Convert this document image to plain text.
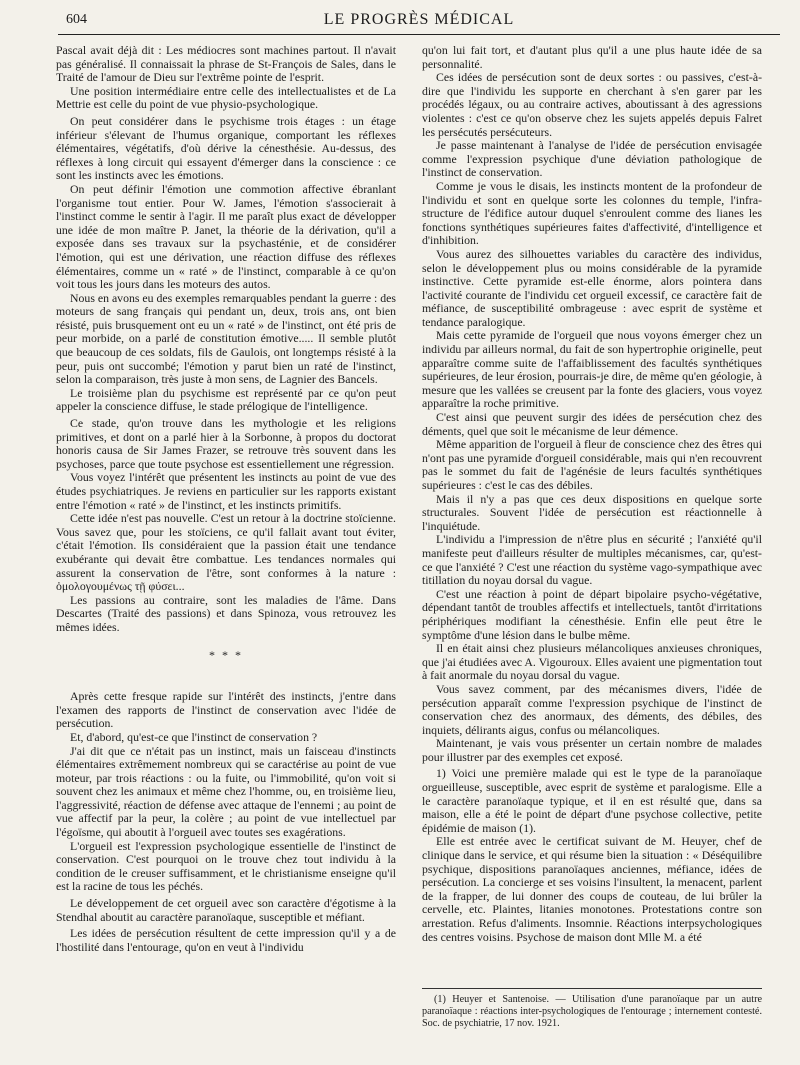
604	LE PROGRÈS MÉDICAL

Pascal avait déjà dit : Les médiocres sont machines partout. Il n'avait pas généralisé. Il connaissait la phrase de St-François de Sales, dans le Traité de l'amour de Dieu sur l'extrême pointe de l'esprit.

Une position intermédiaire entre celle des intellectualistes et de La Mettrie est celle du point de vue physio-psychologique.

On peut considérer dans le psychisme trois étages : un étage inférieur s'élevant de l'humus organique, comportant les réflexes élémentaires, végétatifs, d'où dérive la cénesthésie. Au-dessus, des réflexes à long circuit qui essayent d'émerger dans la conscience : ce sont les instincts avec les émotions.

On peut définir l'émotion une commotion affective ébranlant l'organisme tout entier. Pour W. James, l'émotion s'associerait à l'instinct comme le sentir à l'agir. Il me paraît plus exact de développer une idée de mon maître P. Janet, la théorie de la dérivation, qu'il a exposée dans ses travaux sur la psychasténie, et de considérer l'émotion, qui est une dérivation, une réaction diffuse des réflexes élémentaires, comme un « raté » de l'instinct, comparable à ce qu'on voit tous les jours dans les moteurs des autos.

Nous en avons eu des exemples remarquables pendant la guerre : des moteurs de sang français qui pendant un, deux, trois ans, ont bien résisté, puis brusquement ont eu un « raté » de l'instinct, ont été pris de peur morbide, on a parlé de constitution émotive..... Il semble plutôt que beaucoup de ces soldats, fils de Gaulois, ont longtemps résisté à la peur, puis ont succombé; l'émotion y parut bien un raté de l'instinct, selon la comparaison, très juste à mon sens, de Lagnier des Bancels.

Le troisième plan du psychisme est représenté par ce qu'on peut appeler la conscience diffuse, le stade prélogique de l'intelligence.

Ce stade, qu'on trouve dans les mythologie et les religions primitives, et dont on a parlé hier à la Sorbonne, à propos du doctorat honoris causa de Sir James Frazer, se retrouve très souvent dans les psychoses, parce que toute psychose est essentiellement une régression.

Vous voyez l'intérêt que présentent les instincts au point de vue des études psychiatriques. Je reviens en particulier sur les rapports existant entre l'émotion « raté » de l'instinct, et les instincts primitifs.

Cette idée n'est pas nouvelle. C'est un retour à la doctrine stoïcienne. Vous savez que, pour les stoïciens, ce qu'il fallait avant tout éviter, c'était l'émotion. Ils considéraient que la passion était une tendance exubérante qui devait être combattue. Les tendances normales qui assurent la conservation de l'être, sont conformes à la nature : ὁμολογουμένως τῇ φύσει...

Les passions au contraire, sont les maladies de l'âme. Dans Descartes (Traité des passions) et dans Spinoza, vous retrouvez les mêmes idées.

* * *

Après cette fresque rapide sur l'intérêt des instincts, j'entre dans l'examen des rapports de l'instinct de conservation avec l'idée de persécution.

Et, d'abord, qu'est-ce que l'instinct de conservation ?

J'ai dit que ce n'était pas un instinct, mais un faisceau d'instincts élémentaires extrêmement nombreux qui se caractérise au point de vue moteur, par trois réactions : ou la fuite, ou l'immobilité, qu'on voit si souvent chez les animaux et même chez l'homme, ou, en troisième lieu, l'aggressivité, réaction de défense avec attaque de l'ennemi ; au point de vue affectif par la peur, la colère ; au point de vue intellectuel par l'égoïsme, qui aboutit à l'orgueil avec toutes ses exagérations.

L'orgueil est l'expression psychologique essentielle de l'instinct de conservation. C'est pourquoi on le trouve chez tout individu à la condition de le creuser suffisamment, et le christianisme enseigne qu'il est la racine de tous les péchés.

Le développement de cet orgueil avec son caractère d'égotisme à la Stendhal aboutit au caractère paranoïaque, susceptible et méfiant.

Les idées de persécution résultent de cette impression qu'il y a de l'hostilité dans l'entourage, qu'on en veut à l'individu

qu'on lui fait tort, et d'autant plus qu'il a une plus haute idée de sa personnalité.

Ces idées de persécution sont de deux sortes : ou passives, c'est-à-dire que l'individu les supporte en cherchant à s'en garer par les procédés légaux, ou au contraire actives, aboutissant à des agressions violentes : c'est ce qu'on observe chez les sujets appelés depuis Falret les persécutés persécuteurs.

Je passe maintenant à l'analyse de l'idée de persécution envisagée comme l'expression psychique d'une déviation pathologique de l'instinct de conservation.

Comme je vous le disais, les instincts montent de la profondeur de l'individu et sont en quelque sorte les colonnes du temple, l'infra-structure de l'édifice autour duquel s'enroulent comme des lianes les fonctions synthétiques supérieures faites d'affectivité, d'intelligence et d'inhibition.

Vous aurez des silhouettes variables du caractère des individus, selon le développement plus ou moins considérable de la pyramide instinctive. Cette pyramide est-elle énorme, alors pointera dans l'activité courante de l'individu cet orgueil excessif, ce caractère fait de méfiance, de susceptibilité ombrageuse : avec esprit de système et tendance paralogique.

Mais cette pyramide de l'orgueil que nous voyons émerger chez un individu par ailleurs normal, du fait de son hypertrophie originelle, peut apparaître comme suite de l'affaiblissement des facultés synthétiques supérieures, de leur érosion, pourrais-je dire, de même qu'en géologie, à mesure que les vallées se creusent par la fonte des glaciers, vous voyez apparaître la roche primitive.

C'est ainsi que peuvent surgir des idées de persécution chez des déments, quel que soit le mécanisme de leur démence.

Même apparition de l'orgueil à fleur de conscience chez des êtres qui n'ont pas une pyramide d'orgueil considérable, mais qui n'en recouvrent pas le sommet du fait de l'agénésie de leurs facultés synthétiques supérieures : c'est le cas des débiles.

Mais il n'y a pas que ces deux dispositions en quelque sorte structurales. Souvent l'idée de persécution est réactionnelle à l'inquiétude.

L'individu a l'impression de n'être plus en sécurité ; l'anxiété qu'il manifeste peut d'ailleurs résulter de multiples mécanismes, car, qu'est-ce que l'anxiété ? C'est une réaction du système vago-sympathique avec titillation du noyau dorsal du vague.

C'est une réaction à point de départ bipolaire psycho-végétative, dépendant tantôt de troubles affectifs et intellectuels, tantôt d'irritations périphériques modifiant la cénesthésie. Enfin elle peut être le symptôme d'une lésion dans le bulbe même.

Il en était ainsi chez plusieurs mélancoliques anxieuses chroniques, que j'ai étudiées avec A. Vigouroux. Elles avaient une pigmentation tout à fait anormale du noyau dorsal du vague.

Vous savez comment, par des mécanismes divers, l'idée de persécution apparaît comme l'expression psychique de l'instinct de conservation chez des anormaux, des déments, des débiles, des inquiets, délirants aigus, confus ou mélancoliques.

Maintenant, je vais vous présenter un certain nombre de malades pour illustrer par des exemples cet exposé.

1) Voici une première malade qui est le type de la paranoïaque orgueilleuse, susceptible, avec esprit de système et paralogisme. Elle a le caractère paranoïaque typique, et il en est résulté que, dans sa maison, elle a été le point de départ d'une psychose collective, petite épidémie de maison (1).

Elle est entrée avec le certificat suivant de M. Heuyer, chef de clinique dans le service, et qui résume bien la situation : « Déséquilibre psychique, dispositions paranoïaques anciennes, méfiance, idées de persécution. La concierge et ses voisins l'insultent, la menacent, parlent de la frapper, de lui donner des coups de couteau, de lui brûler la cervelle, etc. Plaintes, litanies monotones. Protestations contre son arrestation. Refus d'aliments. Insomnie. Réactions interpsychologiques des centres voisins. Psychose de maison dont Mlle M. a été

(1) Heuyer et Santenoise. — Utilisation d'une paranoïaque par un autre paranoïaque : réactions inter-psychologiques de l'entourage ; internement contesté. Soc. de psychiatrie, 17 nov. 1921.
